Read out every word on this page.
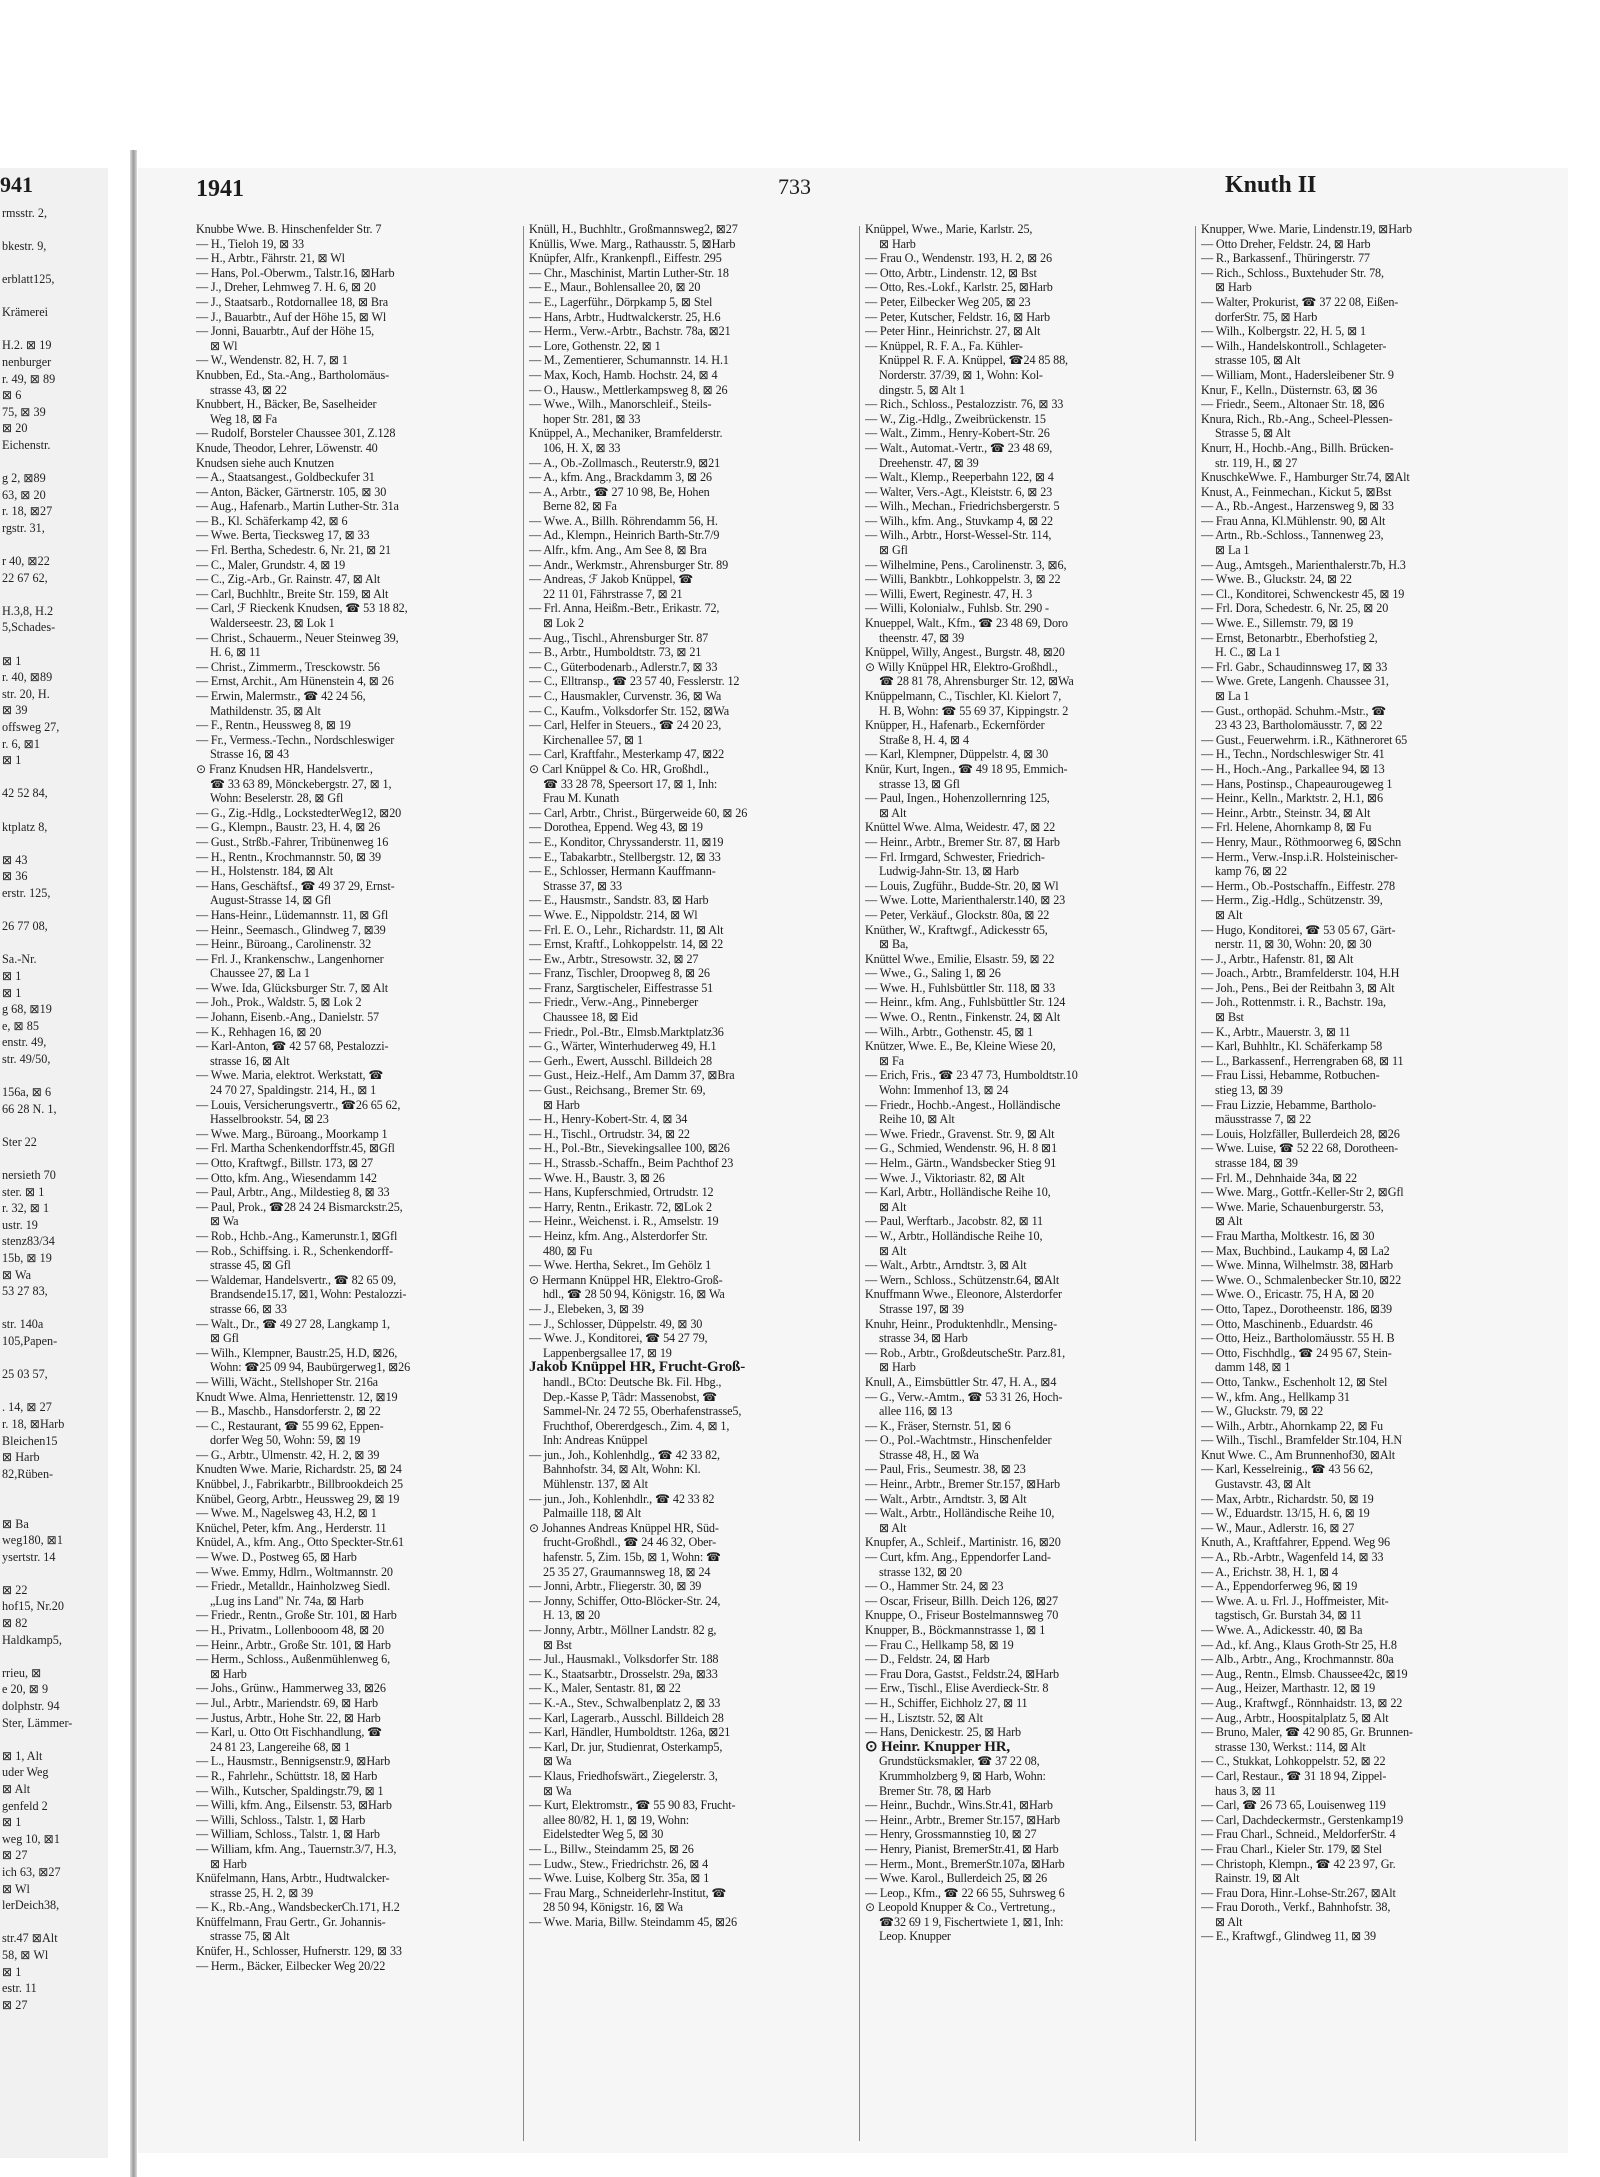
941
rmsstr. 2,
bkestr. 9,
erblatt125,
Krämerei
H.2. ⊠ 19
nenburger
r. 49, ⊠ 89
⊠ 6
75, ⊠ 39
⊠ 20
Eichenstr.
g 2, ⊠89
63, ⊠ 20
r. 18, ⊠27
rgstr. 31,
r 40, ⊠22
22 67 62,
H.3,8, H.2
5,Schades-
⊠ 1
r. 40, ⊠89
str. 20, H.
⊠ 39
offsweg 27,
r. 6, ⊠1
⊠ 1
42 52 84,
ktplatz 8,
⊠ 43
⊠ 36
erstr. 125,
26 77 08,
Sa.-Nr.
⊠ 1
⊠ 1
g 68, ⊠19
e, ⊠ 85
enstr. 49,
str. 49/50,
156a, ⊠ 6
66 28 N. 1,
Ster 22
nersieth 70
ster. ⊠ 1
r. 32, ⊠ 1
ustr. 19
stenz83/34
15b, ⊠ 19
⊠ Wa
53 27 83,
str. 140a
105,Papen-
25 03 57,
. 14, ⊠ 27
r. 18, ⊠Harb
Bleichen15
⊠ Harb
82,Rüben-
⊠ Ba
weg180, ⊠1
ysertstr. 14
⊠ 22
hof15, Nr.20
⊠ 82
Haldkamp5,
rrieu, ⊠
e 20, ⊠ 9
dolphstr. 94
Ster, Lämmer-
⊠ 1, Alt
uder Weg
⊠ Alt
genfeld 2
⊠ 1
weg 10, ⊠1
⊠ 27
ich 63, ⊠27
⊠ Wl
lerDeich38,
str.47 ⊠Alt
58, ⊠ Wl
⊠ 1
estr. 11
⊠ 27
1941	733	Knuth II
Knubbe Wwe. B. Hinschenfelder Str. 7
— H., Tieloh 19, ⊠ 33
— H., Arbtr., Fährstr. 21, ⊠ Wl
— Hans, Pol.-Oberwm., Talstr.16, ⊠Harb
— J., Dreher, Lehmweg 7. H. 6, ⊠ 20
— J., Staatsarb., Rotdornallee 18, ⊠ Bra
— J., Bauarbtr., Auf der Höhe 15, ⊠ Wl
— Jonni, Bauarbtr., Auf der Höhe 15,
⊠ Wl
— W., Wendenstr. 82, H. 7, ⊠ 1
Knubben, Ed., Sta.-Ang., Bartholomäus-
strasse 43, ⊠ 22
Knubbert, H., Bäcker, Be, Saselheider
Weg 18, ⊠ Fa
— Rudolf, Borsteler Chaussee 301, Z.128
Knude, Theodor, Lehrer, Löwenstr. 40
Knudsen siehe auch Knutzen
— A., Staatsangest., Goldbeckufer 31
— Anton, Bäcker, Gärtnerstr. 105, ⊠ 30
— Aug., Hafenarb., Martin Luther-Str. 31a
— B., Kl. Schäferkamp 42, ⊠ 6
— Wwe. Berta, Tiecksweg 17, ⊠ 33
— Frl. Bertha, Schedestr. 6, Nr. 21, ⊠ 21
— C., Maler, Grundstr. 4, ⊠ 19
— C., Zig.-Arb., Gr. Rainstr. 47, ⊠ Alt
— Carl, Buchhltr., Breite Str. 159, ⊠ Alt
— Carl, ℱ Rieckenk Knudsen, ☎ 53 18 82,
Walderseestr. 23, ⊠ Lok 1
— Christ., Schauerm., Neuer Steinweg 39,
H. 6, ⊠ 11
— Christ., Zimmerm., Tresckowstr. 56
— Ernst, Archit., Am Hünenstein 4, ⊠ 26
— Erwin, Malermstr., ☎ 42 24 56,
Mathildenstr. 35, ⊠ Alt
— F., Rentn., Heussweg 8, ⊠ 19
— Fr., Vermess.-Techn., Nordschleswiger
Strasse 16, ⊠ 43
⊙ Franz Knudsen HR, Handelsvertr.,
☎ 33 63 89, Mönckebergstr. 27, ⊠ 1,
Wohn: Beselerstr. 28, ⊠ Gfl
— G., Zig.-Hdlg., LockstedterWeg12, ⊠20
— G., Klempn., Baustr. 23, H. 4, ⊠ 26
— Gust., Strßb.-Fahrer, Tribünenweg 16
— H., Rentn., Krochmannstr. 50, ⊠ 39
— H., Holstenstr. 184, ⊠ Alt
— Hans, Geschäftsf., ☎ 49 37 29, Ernst-
August-Strasse 14, ⊠ Gfl
— Hans-Heinr., Lüdemannstr. 11, ⊠ Gfl
— Heinr., Seemasch., Glindweg 7, ⊠39
— Heinr., Büroang., Carolinenstr. 32
— Frl. J., Krankenschw., Langenhorner
Chaussee 27, ⊠ La 1
— Wwe. Ida, Glücksburger Str. 7, ⊠ Alt
— Joh., Prok., Waldstr. 5, ⊠ Lok 2
— Johann, Eisenb.-Ang., Danielstr. 57
— K., Rehhagen 16, ⊠ 20
— Karl-Anton, ☎ 42 57 68, Pestalozzi-
strasse 16, ⊠ Alt
— Wwe. Maria, elektrot. Werkstatt, ☎
24 70 27, Spaldingstr. 214, H., ⊠ 1
— Louis, Versicherungsvertr., ☎26 65 62,
Hasselbrookstr. 54, ⊠ 23
— Wwe. Marg., Büroang., Moorkamp 1
— Frl. Martha Schenkendorffstr.45, ⊠Gfl
— Otto, Kraftwgf., Billstr. 173, ⊠ 27
— Otto, kfm. Ang., Wiesendamm 142
— Paul, Arbtr., Ang., Mildestieg 8, ⊠ 33
— Paul, Prok., ☎28 24 24 Bismarckstr.25,
⊠ Wa
— Rob., Hchb.-Ang., Kamerunstr.1, ⊠Gfl
— Rob., Schiffsing. i. R., Schenkendorff-
strasse 45, ⊠ Gfl
— Waldemar, Handelsvertr., ☎ 82 65 09,
Brandsende15.17, ⊠1, Wohn: Pestalozzi-
strasse 66, ⊠ 33
— Walt., Dr., ☎ 49 27 28, Langkamp 1,
⊠ Gfl
— Wilh., Klempner, Baustr.25, H.D, ⊠26,
Wohn: ☎25 09 94, Baubürgerweg1, ⊠26
— Willi, Wächt., Stellshoper Str. 216a
Knudt Wwe. Alma, Henriettenstr. 12, ⊠19
— B., Maschb., Hansdorferstr. 2, ⊠ 22
— C., Restaurant, ☎ 55 99 62, Eppen-
dorfer Weg 50, Wohn: 59, ⊠ 19
— G., Arbtr., Ulmenstr. 42, H. 2, ⊠ 39
Knudten Wwe. Marie, Richardstr. 25, ⊠ 24
Knübbel, J., Fabrikarbtr., Billbrookdeich 25
Knübel, Georg, Arbtr., Heussweg 29, ⊠ 19
— Wwe. M., Nagelsweg 43, H.2, ⊠ 1
Knüchel, Peter, kfm. Ang., Herderstr. 11
Knüdel, A., kfm. Ang., Otto Speckter-Str.61
— Wwe. D., Postweg 65, ⊠ Harb
— Wwe. Emmy, Hdlrn., Woltmannstr. 20
— Friedr., Metalldr., Hainholzweg Siedl.
„Lug ins Land" Nr. 74a, ⊠ Harb
— Friedr., Rentn., Große Str. 101, ⊠ Harb
— H., Privatm., Lollenbooom 48, ⊠ 20
— Heinr., Arbtr., Große Str. 101, ⊠ Harb
— Herm., Schloss., Außenmühlenweg 6,
⊠ Harb
— Johs., Grünw., Hammerweg 33, ⊠26
— Jul., Arbtr., Mariendstr. 69, ⊠ Harb
— Justus, Arbtr., Hohe Str. 22, ⊠ Harb
— Karl, u. Otto Ott Fischhandlung, ☎
24 81 23, Langereihe 68, ⊠ 1
— L., Hausmstr., Bennigsenstr.9, ⊠Harb
— R., Fahrlehr., Schüttstr. 18, ⊠ Harb
— Wilh., Kutscher, Spaldingstr.79, ⊠ 1
— Willi, kfm. Ang., Eilsenstr. 53, ⊠Harb
— Willi, Schloss., Talstr. 1, ⊠ Harb
— William, Schloss., Talstr. 1, ⊠ Harb
— William, kfm. Ang., Tauernstr.3/7, H.3,
⊠ Harb
Knüfelmann, Hans, Arbtr., Hudtwalcker-
strasse 25, H. 2, ⊠ 39
— K., Rb.-Ang., WandsbeckerCh.171, H.2
Knüffelmann, Frau Gertr., Gr. Johannis-
strasse 75, ⊠ Alt
Knüfer, H., Schlosser, Hufnerstr. 129, ⊠ 33
— Herm., Bäcker, Eilbecker Weg 20/22
Knüll, H., Buchhltr., Großmannsweg2, ⊠27
Knüllis, Wwe. Marg., Rathausstr. 5, ⊠Harb
Knüpfer, Alfr., Krankenpfl., Eiffestr. 295
— Chr., Maschinist, Martin Luther-Str. 18
— E., Maur., Bohlensallee 20, ⊠ 20
— E., Lagerführ., Dörpkamp 5, ⊠ Stel
— Hans, Arbtr., Hudtwalckerstr. 25, H.6
— Herm., Verw.-Arbtr., Bachstr. 78a, ⊠21
— Lore, Gothenstr. 22, ⊠ 1
— M., Zementierer, Schumannstr. 14. H.1
— Max, Koch, Hamb. Hochstr. 24, ⊠ 4
— O., Hausw., Mettlerkampsweg 8, ⊠ 26
— Wwe., Wilh., Manorschleif., Steils-
hoper Str. 281, ⊠ 33
Knüppel, A., Mechaniker, Bramfelderstr.
106, H. X, ⊠ 33
— A., Ob.-Zollmasch., Reuterstr.9, ⊠21
— A., kfm. Ang., Brackdamm 3, ⊠ 26
— A., Arbtr., ☎ 27 10 98, Be, Hohen
Berne 82, ⊠ Fa
— Wwe. A., Billh. Röhrendamm 56, H.
— Ad., Klempn., Heinrich Barth-Str.7/9
— Alfr., kfm. Ang., Am See 8, ⊠ Bra
— Andr., Werkmstr., Ahrensburger Str. 89
— Andreas, ℱ Jakob Knüppel, ☎
22 11 01, Fährstrasse 7, ⊠ 21
— Frl. Anna, Heißm.-Betr., Erikastr. 72,
⊠ Lok 2
— Aug., Tischl., Ahrensburger Str. 87
— B., Arbtr., Humboldtstr. 73, ⊠ 21
— C., Güterbodenarb., Adlerstr.7, ⊠ 33
— C., Elltransp., ☎ 23 57 40, Fesslerstr. 12
— C., Hausmakler, Curvenstr. 36, ⊠ Wa
— C., Kaufm., Volksdorfer Str. 152, ⊠Wa
— Carl, Helfer in Steuers., ☎ 24 20 23,
Kirchenallee 57, ⊠ 1
— Carl, Kraftfahr., Mesterkamp 47, ⊠22
⊙ Carl Knüppel & Co. HR, Großhdl.,
☎ 33 28 78, Speersort 17, ⊠ 1, Inh:
Frau M. Kunath
— Carl, Arbtr., Christ., Bürgerweide 60, ⊠ 26
— Dorothea, Eppend. Weg 43, ⊠ 19
— E., Konditor, Chryssanderstr. 11, ⊠19
— E., Tabakarbtr., Stellbergstr. 12, ⊠ 33
— E., Schlosser, Hermann Kauffmann-
Strasse 37, ⊠ 33
— E., Hausmstr., Sandstr. 83, ⊠ Harb
— Wwe. E., Nippoldstr. 214, ⊠ Wl
— Frl. E. O., Lehr., Richardstr. 11, ⊠ Alt
— Ernst, Kraftf., Lohkoppelstr. 14, ⊠ 22
— Ew., Arbtr., Stresowstr. 32, ⊠ 27
— Franz, Tischler, Droopweg 8, ⊠ 26
— Franz, Sargtischeler, Eiffestrasse 51
— Friedr., Verw.-Ang., Pinneberger
Chaussee 18, ⊠ Eid
— Friedr., Pol.-Btr., Elmsb.Marktplatz36
— G., Wärter, Winterhuderweg 49, H.1
— Gerh., Ewert, Ausschl. Billdeich 28
— Gust., Heiz.-Helf., Am Damm 37, ⊠Bra
— Gust., Reichsang., Bremer Str. 69,
⊠ Harb
— H., Henry-Kobert-Str. 4, ⊠ 34
— H., Tischl., Ortrudstr. 34, ⊠ 22
— H., Pol.-Btr., Sievekingsallee 100, ⊠26
— H., Strassb.-Schaffn., Beim Pachthof 23
— Wwe. H., Baustr. 3, ⊠ 26
— Hans, Kupferschmied, Ortrudstr. 12
— Harry, Rentn., Erikastr. 72, ⊠Lok 2
— Heinr., Weichenst. i. R., Amselstr. 19
— Heinz, kfm. Ang., Alsterdorfer Str.
480, ⊠ Fu
— Wwe. Hertha, Sekret., Im Gehölz 1
⊙ Hermann Knüppel HR, Elektro-Groß-
hdl., ☎ 28 50 94, Königstr. 16, ⊠ Wa
— J., Elebeken, 3, ⊠ 39
— J., Schlosser, Düppelstr. 49, ⊠ 30
— Wwe. J., Konditorei, ☎ 54 27 79,
Lappenbergsallee 17, ⊠ 19
Jakob Knüppel HR, Frucht-Groß-
handl., BCto: Deutsche Bk. Fil. Hbg.,
Dep.-Kasse P, Tâdr: Massenobst, ☎
Sammel-Nr. 24 72 55, Oberhafenstrasse5,
Fruchthof, Obererdgesch., Zim. 4, ⊠ 1,
Inh: Andreas Knüppel
— jun., Joh., Kohlenhdlg., ☎ 42 33 82,
Bahnhofstr. 34, ⊠ Alt, Wohn: Kl.
Mühlenstr. 137, ⊠ Alt
— jun., Joh., Kohlenhdlr., ☎ 42 33 82
Palmaille 118, ⊠ Alt
⊙ Johannes Andreas Knüppel HR, Süd-
frucht-Großhdl., ☎ 24 46 32, Ober-
hafenstr. 5, Zim. 15b, ⊠ 1, Wohn: ☎
25 35 27, Graumannsweg 18, ⊠ 24
— Jonni, Arbtr., Fliegerstr. 30, ⊠ 39
— Jonny, Schiffer, Otto-Blöcker-Str. 24,
H. 13, ⊠ 20
— Jonny, Arbtr., Möllner Landstr. 82 g,
⊠ Bst
— Jul., Hausmakl., Volksdorfer Str. 188
— K., Staatsarbtr., Drosselstr. 29a, ⊠33
— K., Maler, Sentastr. 81, ⊠ 22
— K.-A., Stev., Schwalbenplatz 2, ⊠ 33
— Karl, Lagerarb., Ausschl. Billdeich 28
— Karl, Händler, Humboldtstr. 126a, ⊠21
— Karl, Dr. jur, Studienrat, Osterkamp5,
⊠ Wa
— Klaus, Friedhofswärt., Ziegelerstr. 3,
⊠ Wa
— Kurt, Elektromstr., ☎ 55 90 83, Frucht-
allee 80/82, H. 1, ⊠ 19, Wohn:
Eidelstedter Weg 5, ⊠ 30
— L., Billw., Steindamm 25, ⊠ 26
— Ludw., Stew., Friedrichstr. 26, ⊠ 4
— Wwe. Luise, Kolberg Str. 35a, ⊠ 1
— Frau Marg., Schneiderlehr-Institut, ☎
28 50 94, Königstr. 16, ⊠ Wa
— Wwe. Maria, Billw. Steindamm 45, ⊠26
Knüppel, Wwe., Marie, Karlstr. 25,
⊠ Harb
— Frau O., Wendenstr. 193, H. 2, ⊠ 26
— Otto, Arbtr., Lindenstr. 12, ⊠ Bst
— Otto, Res.-Lokf., Karlstr. 25, ⊠Harb
— Peter, Eilbecker Weg 205, ⊠ 23
— Peter, Kutscher, Feldstr. 16, ⊠ Harb
— Peter Hinr., Heinrichstr. 27, ⊠ Alt
— Knüppel, R. F. A., Fa. Kühler-
Knüppel R. F. A. Knüppel, ☎24 85 88,
Norderstr. 37/39, ⊠ 1, Wohn: Kol-
dingstr. 5, ⊠ Alt 1
— Rich., Schloss., Pestalozzistr. 76, ⊠ 33
— W., Zig.-Hdlg., Zweibrückenstr. 15
— Walt., Zimm., Henry-Kobert-Str. 26
— Walt., Automat.-Vertr., ☎ 23 48 69,
Dreehenstr. 47, ⊠ 39
— Walt., Klemp., Reeperbahn 122, ⊠ 4
— Walter, Vers.-Agt., Kleiststr. 6, ⊠ 23
— Wilh., Mechan., Friedrichsbergerstr. 5
— Wilh., kfm. Ang., Stuvkamp 4, ⊠ 22
— Wilh., Arbtr., Horst-Wessel-Str. 114,
⊠ Gfl
— Wilhelmine, Pens., Carolinenstr. 3, ⊠6,
— Willi, Bankbtr., Lohkoppelstr. 3, ⊠ 22
— Willi, Ewert, Reginestr. 47, H. 3
— Willi, Kolonialw., Fuhlsb. Str. 290 -
Knueppel, Walt., Kfm., ☎ 23 48 69, Doro
theenstr. 47, ⊠ 39
Knüppel, Willy, Angest., Burgstr. 48, ⊠20
⊙ Willy Knüppel HR, Elektro-Großhdl.,
☎ 28 81 78, Ahrensburger Str. 12, ⊠Wa
Knüppelmann, C., Tischler, Kl. Kielort 7,
H. B, Wohn: ☎ 55 69 37, Kippingstr. 2
Knüpper, H., Hafenarb., Eckernförder
Straße 8, H. 4, ⊠ 4
— Karl, Klempner, Düppelstr. 4, ⊠ 30
Knür, Kurt, Ingen., ☎ 49 18 95, Emmich-
strasse 13, ⊠ Gfl
— Paul, Ingen., Hohenzollernring 125,
⊠ Alt
Knüttel Wwe. Alma, Weidestr. 47, ⊠ 22
— Heinr., Arbtr., Bremer Str. 87, ⊠ Harb
— Frl. Irmgard, Schwester, Friedrich-
Ludwig-Jahn-Str. 13, ⊠ Harb
— Louis, Zugführ., Budde-Str. 20, ⊠ Wl
— Wwe. Lotte, Marienthalerstr.140, ⊠ 23
— Peter, Verkäuf., Glockstr. 80a, ⊠ 22
Knüther, W., Kraftwgf., Adickesstr 65,
⊠ Ba,
Knüttel Wwe., Emilie, Elsastr. 59, ⊠ 22
— Wwe., G., Saling 1, ⊠ 26
— Wwe. H., Fuhlsbüttler Str. 118, ⊠ 33
— Heinr., kfm. Ang., Fuhlsbüttler Str. 124
— Wwe. O., Rentn., Finkenstr. 24, ⊠ Alt
— Wilh., Arbtr., Gothenstr. 45, ⊠ 1
Knützer, Wwe. E., Be, Kleine Wiese 20,
⊠ Fa
— Erich, Fris., ☎ 23 47 73, Humboldtstr.10
Wohn: Immenhof 13, ⊠ 24
— Friedr., Hochb.-Angest., Holländische
Reihe 10, ⊠ Alt
— Wwe. Friedr., Gravenst. Str. 9, ⊠ Alt
— G., Schmied, Wendenstr. 96, H. 8 ⊠1
— Helm., Gärtn., Wandsbecker Stieg 91
— Wwe. J., Viktoriastr. 82, ⊠ Alt
— Karl, Arbtr., Holländische Reihe 10,
⊠ Alt
— Paul, Werftarb., Jacobstr. 82, ⊠ 11
— W., Arbtr., Holländische Reihe 10,
⊠ Alt
— Walt., Arbtr., Arndtstr. 3, ⊠ Alt
— Wern., Schloss., Schützenstr.64, ⊠Alt
Knuffmann Wwe., Eleonore, Alsterdorfer
Strasse 197, ⊠ 39
Knuhr, Heinr., Produktenhdlr., Mensing-
strasse 34, ⊠ Harb
— Rob., Arbtr., GroßdeutscheStr. Parz.81,
⊠ Harb
Knull, A., Eimsbüttler Str. 47, H. A., ⊠4
— G., Verw.-Amtm., ☎ 53 31 26, Hoch-
allee 116, ⊠ 13
— K., Fräser, Sternstr. 51, ⊠ 6
— O., Pol.-Wachtmstr., Hinschenfelder
Strasse 48, H., ⊠ Wa
— Paul, Fris., Seumestr. 38, ⊠ 23
— Heinr., Arbtr., Bremer Str.157, ⊠Harb
— Walt., Arbtr., Arndtstr. 3, ⊠ Alt
— Walt., Arbtr., Holländische Reihe 10,
⊠ Alt
Knupfer, A., Schleif., Martinistr. 16, ⊠20
— Curt, kfm. Ang., Eppendorfer Land-
strasse 132, ⊠ 20
— O., Hammer Str. 24, ⊠ 23
— Oscar, Friseur, Billh. Deich 126, ⊠27
Knuppe, O., Friseur Bostelmannsweg 70
Knupper, B., Böckmannstrasse 1, ⊠ 1
— Frau C., Hellkamp 58, ⊠ 19
— D., Feldstr. 24, ⊠ Harb
— Frau Dora, Gastst., Feldstr.24, ⊠Harb
— Erw., Tischl., Elise Averdieck-Str. 8
— H., Schiffer, Eichholz 27, ⊠ 11
— H., Lisztstr. 52, ⊠ Alt
— Hans, Denickestr. 25, ⊠ Harb
⊙ Heinr. Knupper HR,
Grundstücksmakler, ☎ 37 22 08,
Krummholzberg 9, ⊠ Harb, Wohn:
Bremer Str. 78, ⊠ Harb
— Heinr., Buchdr., Wins.Str.41, ⊠Harb
— Heinr., Arbtr., Bremer Str.157, ⊠Harb
— Henry, Grossmannstieg 10, ⊠ 27
— Henry, Pianist, BremerStr.41, ⊠ Harb
— Herm., Mont., BremerStr.107a, ⊠Harb
— Wwe. Karol., Bullerdeich 25, ⊠ 26
— Leop., Kfm., ☎ 22 66 55, Suhrsweg 6
⊙ Leopold Knupper & Co., Vertretung.,
☎32 69 1 9, Fischertwiete 1, ⊠1, Inh:
Leop. Knupper
Knupper, Wwe. Marie, Lindenstr.19, ⊠Harb
— Otto Dreher, Feldstr. 24, ⊠ Harb
— R., Barkassenf., Thüringerstr. 77
— Rich., Schloss., Buxtehuder Str. 78,
⊠ Harb
— Walter, Prokurist, ☎ 37 22 08, Eißen-
dorferStr. 75, ⊠ Harb
— Wilh., Kolbergstr. 22, H. 5, ⊠ 1
— Wilh., Handelskontroll., Schlageter-
strasse 105, ⊠ Alt
— William, Mont., Hadersleibener Str. 9
Knur, F., Kelln., Düsternstr. 63, ⊠ 36
— Friedr., Seem., Altonaer Str. 18, ⊠6
Knura, Rich., Rb.-Ang., Scheel-Plessen-
Strasse 5, ⊠ Alt
Knurr, H., Hochb.-Ang., Billh. Brücken-
str. 119, H., ⊠ 27
KnuschkeWwe. F., Hamburger Str.74, ⊠Alt
Knust, A., Feinmechan., Kickut 5, ⊠Bst
— A., Rb.-Angest., Harzensweg 9, ⊠ 33
— Frau Anna, Kl.Mühlenstr. 90, ⊠ Alt
— Artn., Rb.-Schloss., Tannenweg 23,
⊠ La 1
— Aug., Amtsgeh., Marienthalerstr.7b, H.3
— Wwe. B., Gluckstr. 24, ⊠ 22
— Cl., Konditorei, Schwenckestr 45, ⊠ 19
— Frl. Dora, Schedestr. 6, Nr. 25, ⊠ 20
— Wwe. E., Sillemstr. 79, ⊠ 19
— Ernst, Betonarbtr., Eberhofstieg 2,
H. C., ⊠ La 1
— Frl. Gabr., Schaudinnsweg 17, ⊠ 33
— Wwe. Grete, Langenh. Chaussee 31,
⊠ La 1
— Gust., orthopäd. Schuhm.-Mstr., ☎
23 43 23, Bartholomäusstr. 7, ⊠ 22
— Gust., Feuerwehrm. i.R., Käthneroret 65
— H., Techn., Nordschleswiger Str. 41
— H., Hoch.-Ang., Parkallee 94, ⊠ 13
— Hans, Postinsp., Chapeaurougeweg 1
— Heinr., Kelln., Marktstr. 2, H.1, ⊠6
— Heinr., Arbtr., Steinstr. 34, ⊠ Alt
— Frl. Helene, Ahornkamp 8, ⊠ Fu
— Henry, Maur., Röthmoorweg 6, ⊠Schn
— Herm., Verw.-Insp.i.R. Holsteinischer-
kamp 76, ⊠ 22
— Herm., Ob.-Postschaffn., Eiffestr. 278
— Herm., Zig.-Hdlg., Schützenstr. 39,
⊠ Alt
— Hugo, Konditorei, ☎ 53 05 67, Gärt-
nerstr. 11, ⊠ 30, Wohn: 20, ⊠ 30
— J., Arbtr., Hafenstr. 81, ⊠ Alt
— Joach., Arbtr., Bramfelderstr. 104, H.H
— Joh., Pens., Bei der Reitbahn 3, ⊠ Alt
— Joh., Rottenmstr. i. R., Bachstr. 19a,
⊠ Bst
— K., Arbtr., Mauerstr. 3, ⊠ 11
— Karl, Buhhltr., Kl. Schäferkamp 58
— L., Barkassenf., Herrengraben 68, ⊠ 11
— Frau Lissi, Hebamme, Rotbuchen-
stieg 13, ⊠ 39
— Frau Lizzie, Hebamme, Bartholo-
mäusstrasse 7, ⊠ 22
— Louis, Holzfäller, Bullerdeich 28, ⊠26
— Wwe. Luise, ☎ 52 22 68, Dorotheen-
strasse 184, ⊠ 39
— Frl. M., Dehnhaide 34a, ⊠ 22
— Wwe. Marg., Gottfr.-Keller-Str 2, ⊠Gfl
— Wwe. Marie, Schauenburgerstr. 53,
⊠ Alt
— Frau Martha, Moltkestr. 16, ⊠ 30
— Max, Buchbind., Laukamp 4, ⊠ La2
— Wwe. Minna, Wilhelmstr. 38, ⊠Harb
— Wwe. O., Schmalenbecker Str.10, ⊠22
— Wwe. O., Ericastr. 75, H A, ⊠ 20
— Otto, Tapez., Dorotheenstr. 186, ⊠39
— Otto, Maschinenb., Eduardstr. 46
— Otto, Heiz., Bartholomäusstr. 55 H. B
— Otto, Fischhdlg., ☎ 24 95 67, Stein-
damm 148, ⊠ 1
— Otto, Tankw., Eschenholt 12, ⊠ Stel
— W., kfm. Ang., Hellkamp 31
— W., Gluckstr. 79, ⊠ 22
— Wilh., Arbtr., Ahornkamp 22, ⊠ Fu
— Wilh., Tischl., Bramfelder Str.104, H.N
Knut Wwe. C., Am Brunnenhof30, ⊠Alt
— Karl, Kesselreinig., ☎ 43 56 62,
Gustavstr. 43, ⊠ Alt
— Max, Arbtr., Richardstr. 50, ⊠ 19
— W., Eduardstr. 13/15, H. 6, ⊠ 19
— W., Maur., Adlerstr. 16, ⊠ 27
Knuth, A., Kraftfahrer, Eppend. Weg 96
— A., Rb.-Arbtr., Wagenfeld 14, ⊠ 33
— A., Erichstr. 38, H. 1, ⊠ 4
— A., Eppendorferweg 96, ⊠ 19
— Wwe. A. u. Frl. J., Hoffmeister, Mit-
tagstisch, Gr. Burstah 34, ⊠ 11
— Wwe. A., Adickesstr. 40, ⊠ Ba
— Ad., kf. Ang., Klaus Groth-Str 25, H.8
— Alb., Arbtr., Ang., Krochmannstr. 80a
— Aug., Rentn., Elmsb. Chaussee42c, ⊠19
— Aug., Heizer, Marthastr. 12, ⊠ 19
— Aug., Kraftwgf., Rönnhaidstr. 13, ⊠ 22
— Aug., Arbtr., Hoospitalplatz 5, ⊠ Alt
— Bruno, Maler, ☎ 42 90 85, Gr. Brunnen-
strasse 130, Werkst.: 114, ⊠ Alt
— C., Stukkat, Lohkoppelstr. 52, ⊠ 22
— Carl, Restaur., ☎ 31 18 94, Zippel-
haus 3, ⊠ 11
— Carl, ☎ 26 73 65, Louisenweg 119
— Carl, Dachdeckermstr., Gerstenkamp19
— Frau Charl., Schneid., MeldorferStr. 4
— Frau Charl., Kieler Str. 179, ⊠ Stel
— Christoph, Klempn., ☎ 42 23 97, Gr.
Rainstr. 19, ⊠ Alt
— Frau Dora, Hinr.-Lohse-Str.267, ⊠Alt
— Frau Doroth., Verkf., Bahnhofstr. 38,
⊠ Alt
— E., Kraftwgf., Glindweg 11, ⊠ 39
